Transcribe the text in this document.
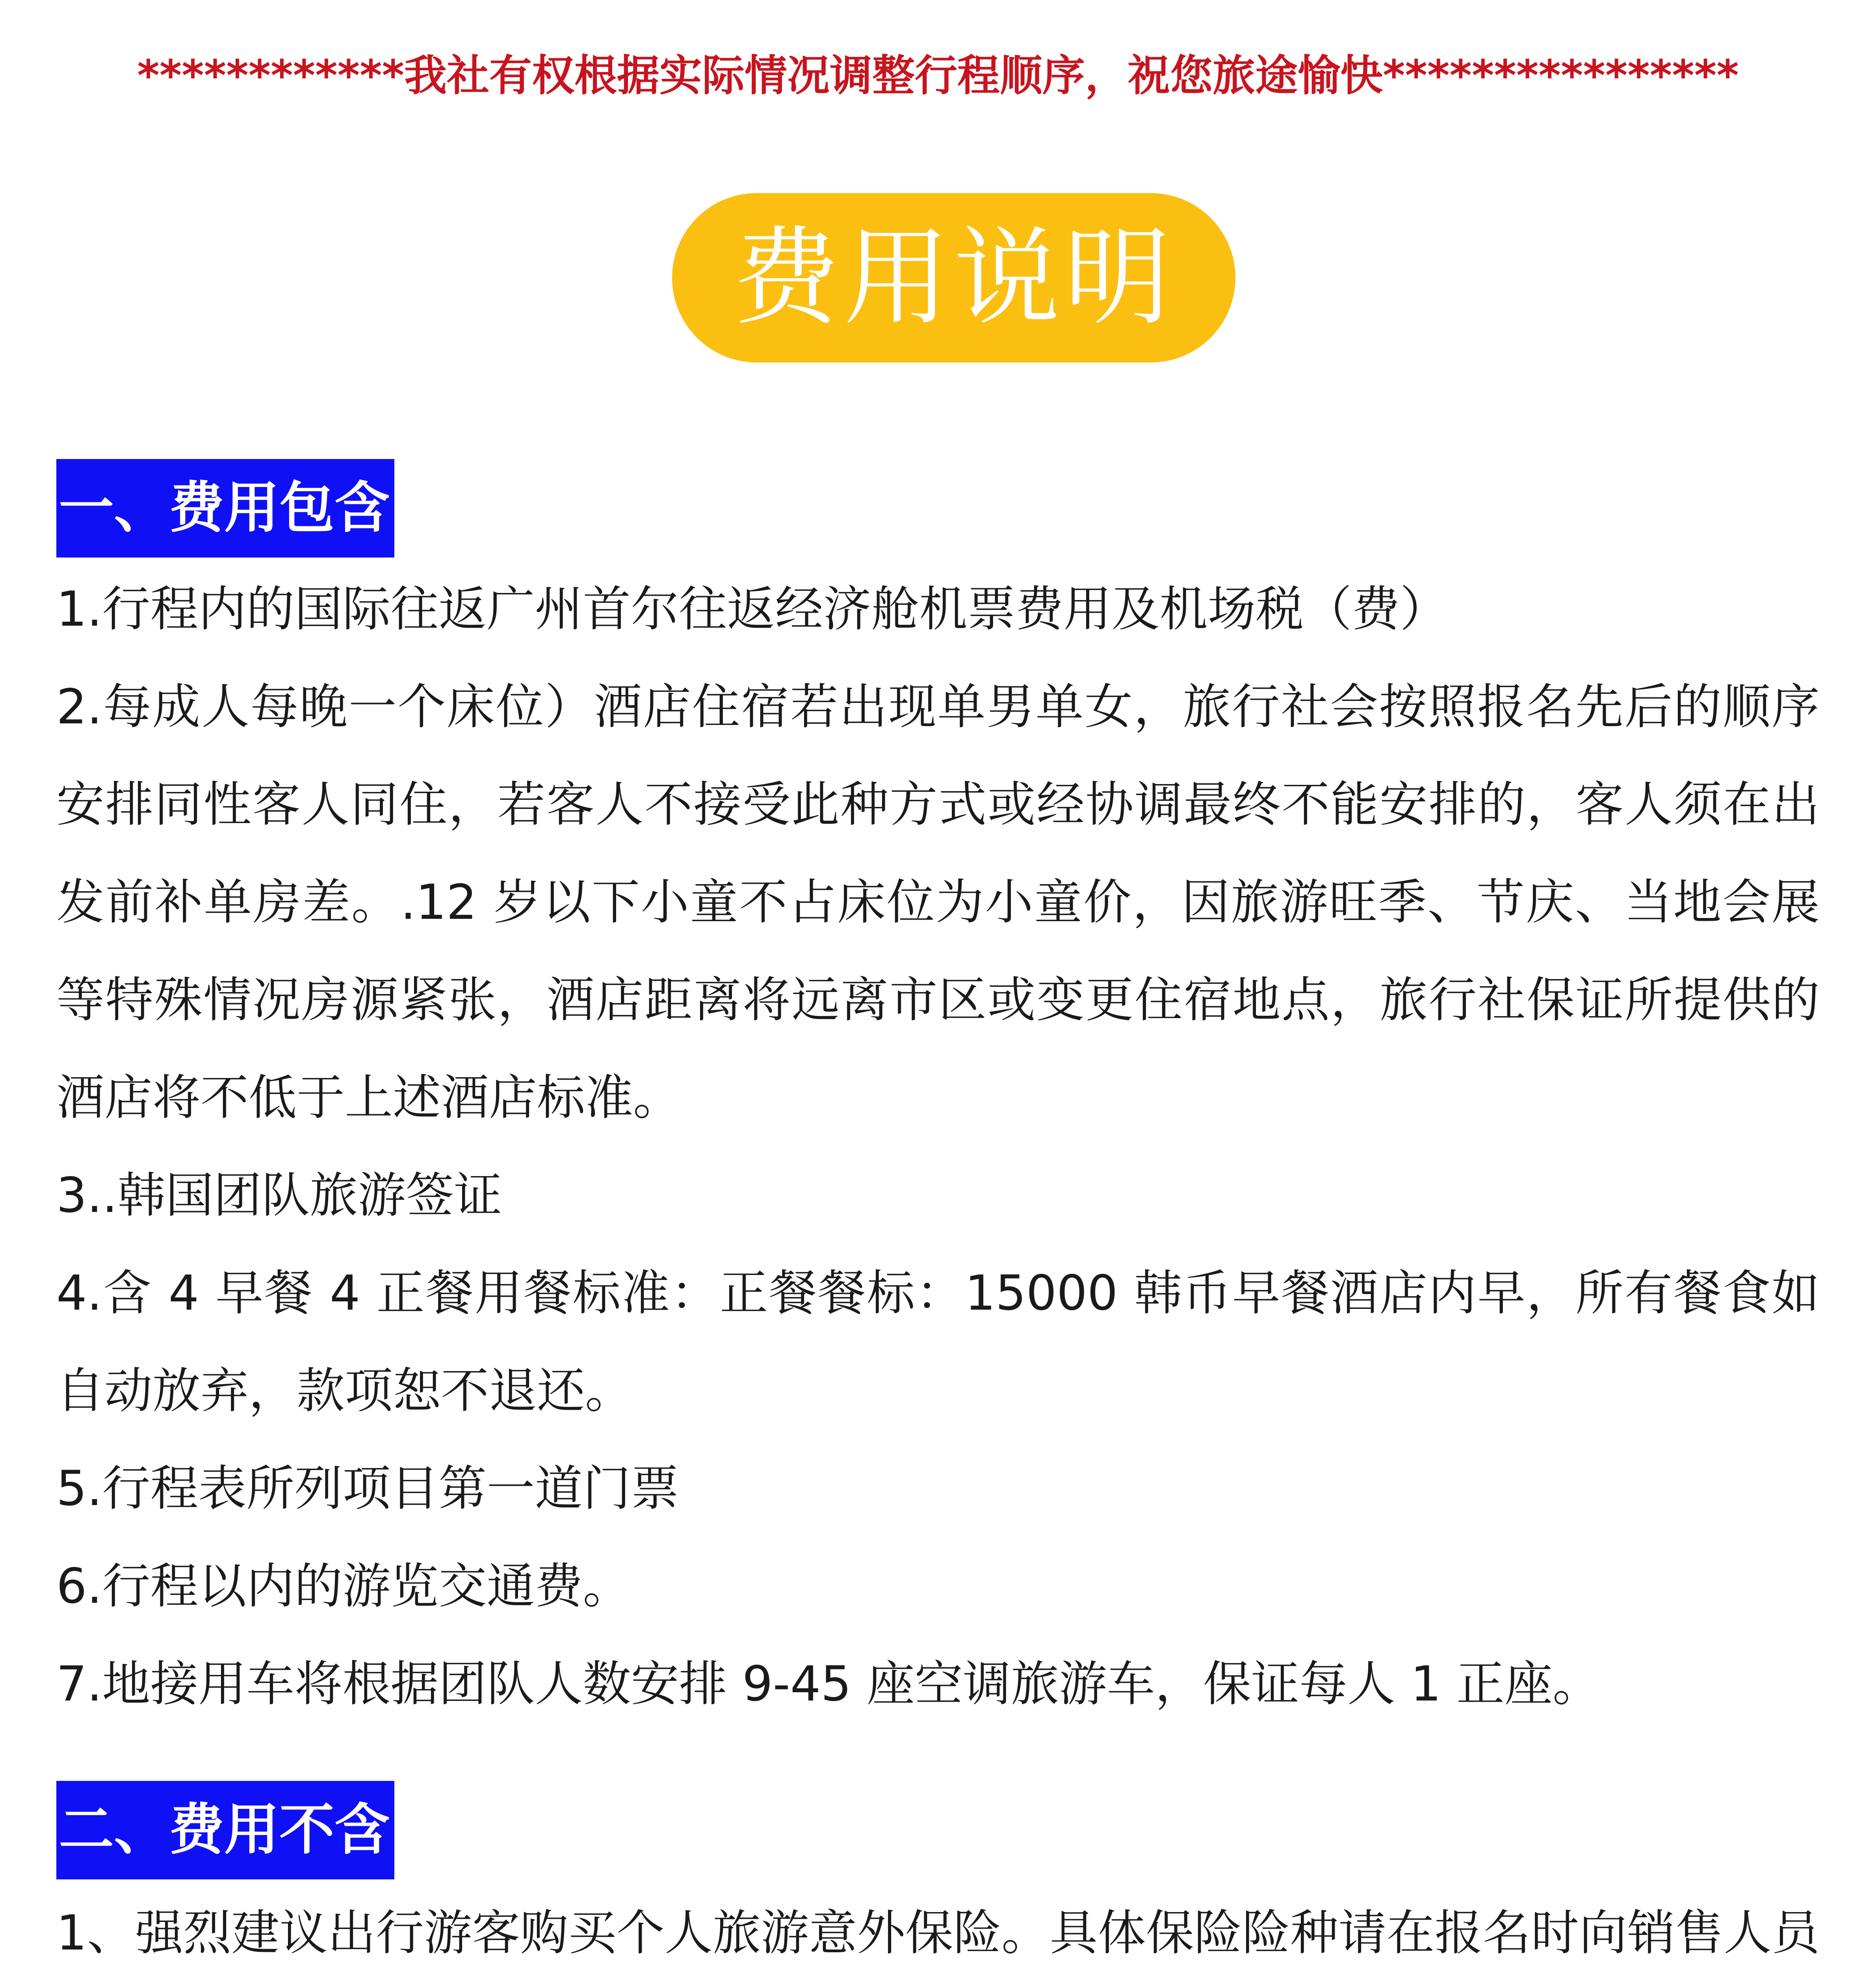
************我社有权根据实际情况调整行程顺序，祝您旅途愉快****************
费用说明
一、费用包含

1.行程内的国际往返广州首尔往返经济舱机票费用及机场税（费）

2.每成人每晚一个床位）酒店住宿若出现单男单女，旅行社会按照报名先后的顺序安排同性客人同住，若客人不接受此种方式或经协调最终不能安排的，客人须在出发前补单房差。.12 岁以下小童不占床位为小童价，因旅游旺季、节庆、当地会展等特殊情况房源紧张，酒店距离将远离市区或变更住宿地点，旅行社保证所提供的酒店将不低于上述酒店标准。

3..韩国团队旅游签证

4.含 4 早餐 4 正餐用餐标准：正餐餐标：15000 韩币早餐酒店内早，所有餐食如自动放弃，款项恕不退还。

5.行程表所列项目第一道门票

6.行程以内的游览交通费。

7.地接用车将根据团队人数安排 9-45 座空调旅游车，保证每人 1 正座。

二、费用不含

1、强烈建议出行游客购买个人旅游意外保险。具体保险险种请在报名时向销售人员
